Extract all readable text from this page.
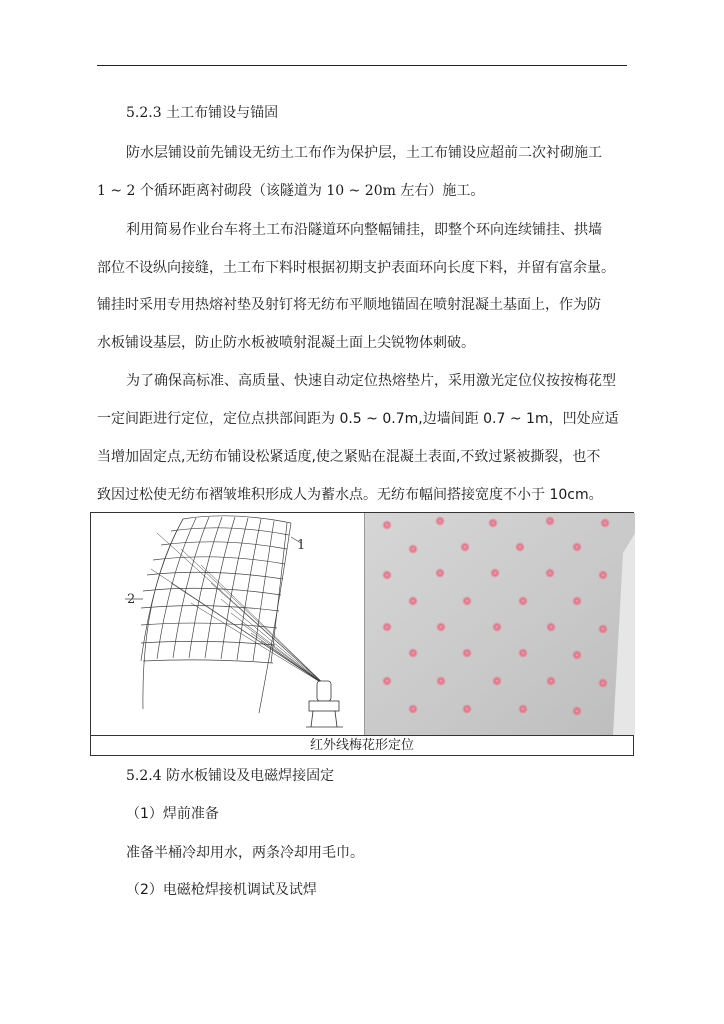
5.2.3 土工布铺设与锚固
防水层铺设前先铺设无纺土工布作为保护层，土工布铺设应超前二次衬砌施工
1 ~ 2 个循环距离衬砌段（该隧道为 10 ~ 20m 左右）施工。
利用简易作业台车将土工布沿隧道环向整幅铺挂，即整个环向连续铺挂、拱墙
部位不设纵向接缝，土工布下料时根据初期支护表面环向长度下料，并留有富余量。
铺挂时采用专用热熔衬垫及射钉将无纺布平顺地锚固在喷射混凝土基面上，作为防
水板铺设基层，防止防水板被喷射混凝土面上尖锐物体刺破。
为了确保高标准、高质量、快速自动定位热熔垫片，采用激光定位仪按按梅花型
一定间距进行定位，定位点拱部间距为 0.5 ~ 0.7m,边墙间距 0.7 ~ 1m，凹处应适
当增加固定点,无纺布铺设松紧适度,使之紧贴在混凝土表面,不致过紧被撕裂，也不
致因过松使无纺布褶皱堆积形成人为蓄水点。无纺布幅间搭接宽度不小于 10cm。
1
2
红外线梅花形定位
5.2.4 防水板铺设及电磁焊接固定
（1）焊前准备
准备半桶冷却用水，两条冷却用毛巾。
（2）电磁枪焊接机调试及试焊
